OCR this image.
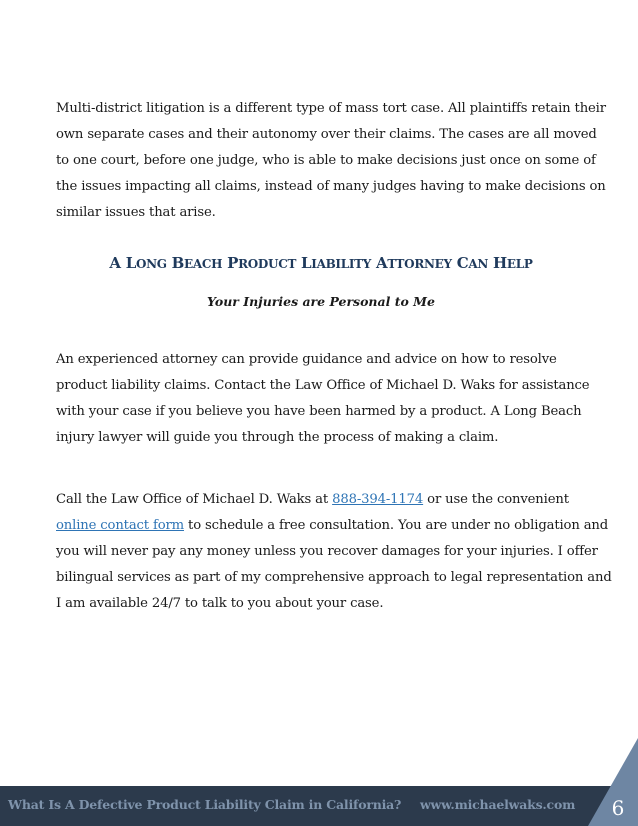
Multi-district litigation is a different type of mass tort case. All plaintiffs retain their
own separate cases and their autonomy over their claims. The cases are all moved
to one court, before one judge, who is able to make decisions just once on some of
the issues impacting all claims, instead of many judges having to make decisions on
similar issues that arise.

A LONG BEACH PRODUCT LIABILITY ATTORNEY CAN HELP

Your Injuries are Personal to Me

An experienced attorney can provide guidance and advice on how to resolve
product liability claims. Contact the Law Office of Michael D. Waks for assistance
with your case if you believe you have been harmed by a product. A Long Beach
injury lawyer will guide you through the process of making a claim.

Call the Law Office of Michael D. Waks at 888-394-1174 or use the convenient
online contact form to schedule a free consultation. You are under no obligation and
you will never pay any money unless you recover damages for your injuries. I offer
bilingual services as part of my comprehensive approach to legal representation and
I am available 24/7 to talk to you about your case.

What Is A Defective Product Liability Claim in California? www.michaelwaks.com	6
